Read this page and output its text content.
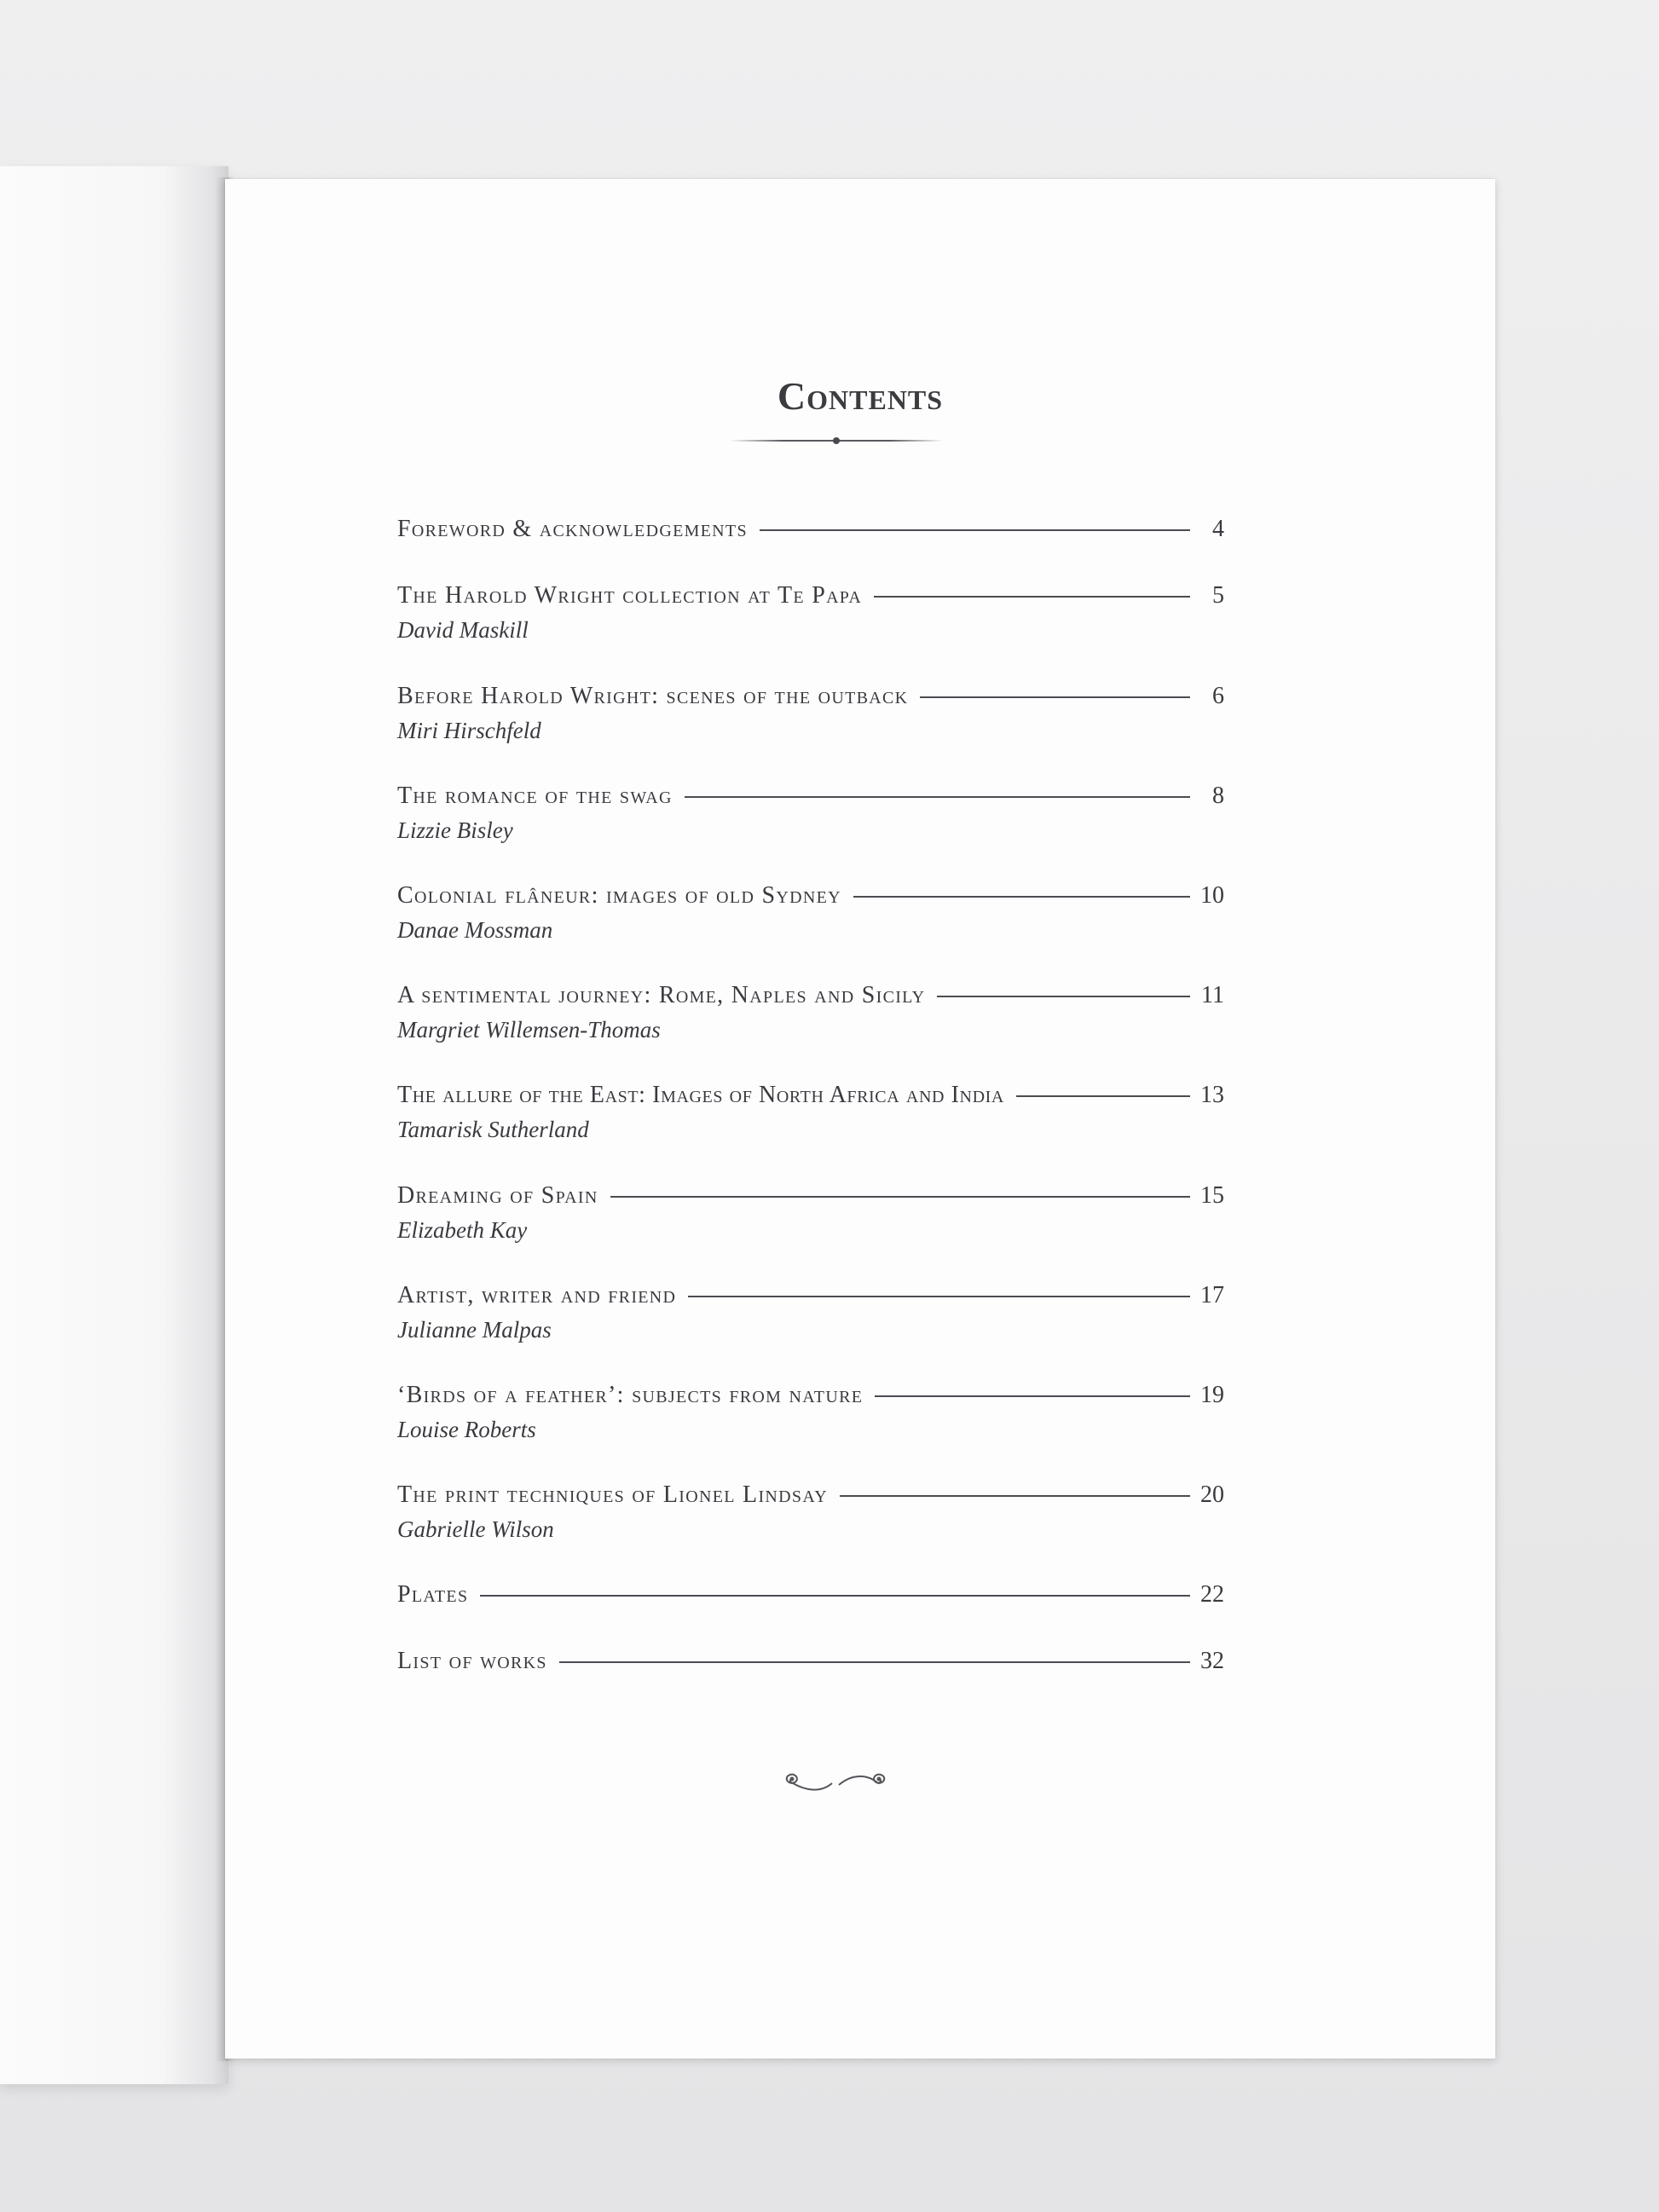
Contents
Foreword & acknowledgements	4
The Harold Wright collection at Te Papa	5
David Maskill
Before Harold Wright: scenes of the outback	6
Miri Hirschfeld
The romance of the swag	8
Lizzie Bisley
Colonial flâneur: images of old Sydney	10
Danae Mossman
A sentimental journey: Rome, Naples and Sicily	11
Margriet Willemsen-Thomas
The allure of the East: Images of North Africa and India	13
Tamarisk Sutherland
Dreaming of Spain	15
Elizabeth Kay
Artist, writer and friend	17
Julianne Malpas
‘Birds of a feather’: subjects from nature	19
Louise Roberts
The print techniques of Lionel Lindsay	20
Gabrielle Wilson
Plates	22
List of works	32
